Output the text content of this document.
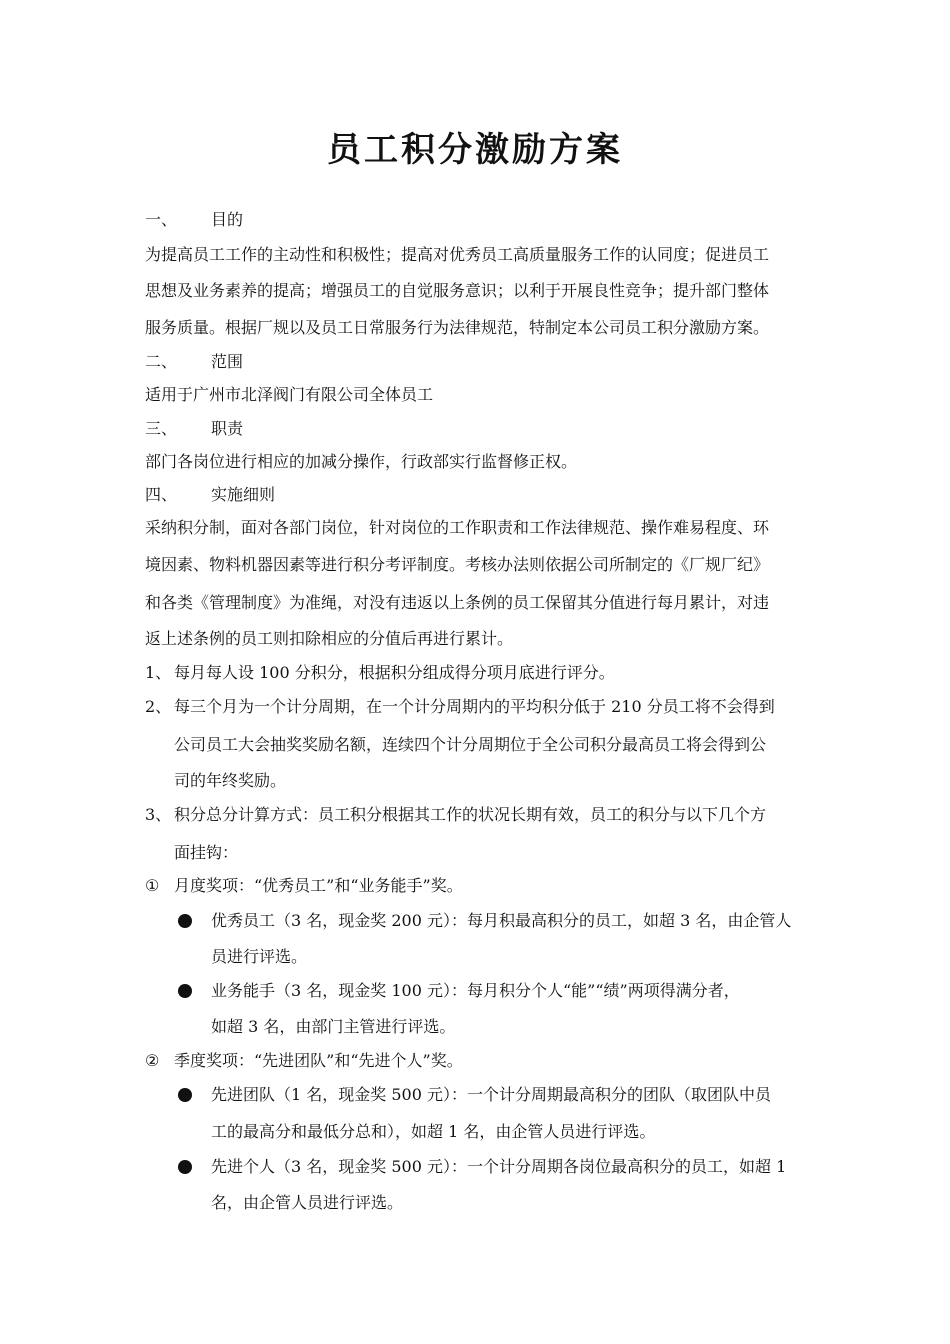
员工积分激励方案
一、 目的
为提高员工工作的主动性和积极性；提高对优秀员工高质量服务工作的认同度；促进员工
思想及业务素养的提高；增强员工的自觉服务意识；以利于开展良性竞争；提升部门整体
服务质量。根据厂规以及员工日常服务行为法律规范，特制定本公司员工积分激励方案。
二、 范围
适用于广州市北泽阀门有限公司全体员工
三、 职责
部门各岗位进行相应的加减分操作，行政部实行监督修正权。
四、 实施细则
采纳积分制，面对各部门岗位，针对岗位的工作职责和工作法律规范、操作难易程度、环
境因素、物料机器因素等进行积分考评制度。考核办法则依据公司所制定的《厂规厂纪》
和各类《管理制度》为准绳，对没有违返以上条例的员工保留其分值进行每月累计，对违
返上述条例的员工则扣除相应的分值后再进行累计。
1、 每月每人设 100 分积分，根据积分组成得分项月底进行评分。
2、 每三个月为一个计分周期，在一个计分周期内的平均积分低于 210 分员工将不会得到
公司员工大会抽奖奖励名额，连续四个计分周期位于全公司积分最高员工将会得到公
司的年终奖励。
3、 积分总分计算方式：员工积分根据其工作的状况长期有效，员工的积分与以下几个方
面挂钩：
① 月度奖项：“优秀员工”和“业务能手”奖。
优秀员工（3 名，现金奖 200 元）：每月积最高积分的员工，如超 3 名，由企管人
员进行评选。
业务能手（3 名，现金奖 100 元）：每月积分个人“能”“绩”两项得满分者，
如超 3 名，由部门主管进行评选。
② 季度奖项：“先进团队”和“先进个人”奖。
先进团队（1 名，现金奖 500 元）：一个计分周期最高积分的团队（取团队中员
工的最高分和最低分总和），如超 1 名，由企管人员进行评选。
先进个人（3 名，现金奖 500 元）：一个计分周期各岗位最高积分的员工，如超 1
名，由企管人员进行评选。
